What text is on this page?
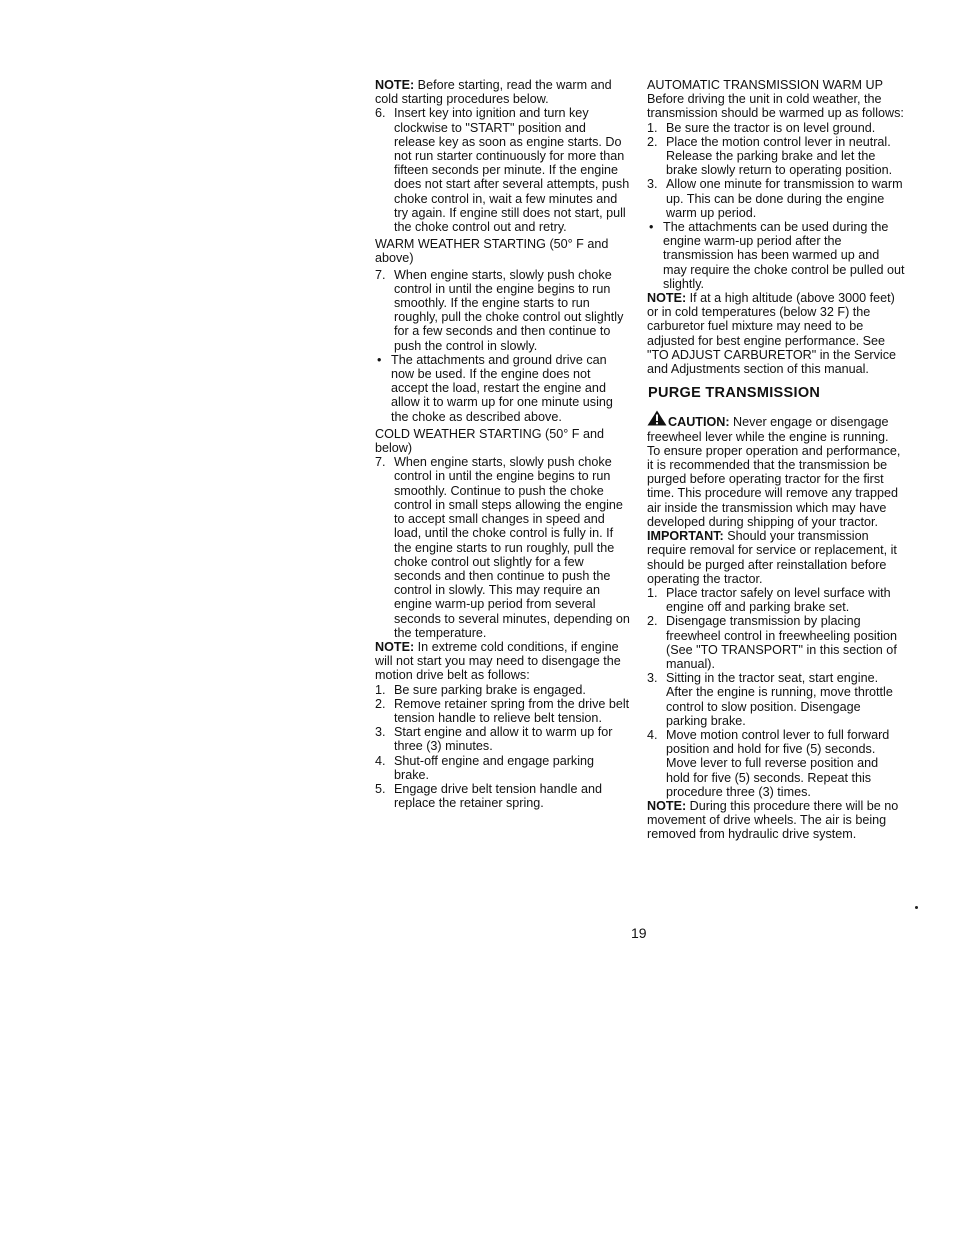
NOTE: Before starting, read the warm and cold starting procedures below.

6. Insert key into ignition and turn key clockwise to "START" position and release key as soon as engine starts. Do not run starter continuously for more than fifteen seconds per minute. If the engine does not start after several attempts, push choke control in, wait a few minutes and try again. If engine still does not start, pull the choke control out and retry.

WARM WEATHER STARTING (50° F and above)

7. When engine starts, slowly push choke control in until the engine begins to run smoothly. If the engine starts to run roughly, pull the choke control out slightly for a few seconds and then continue to push the control in slowly.
• The attachments and ground drive can now be used. If the engine does not accept the load, restart the engine and allow it to warm up for one minute using the choke as described above.

COLD WEATHER STARTING (50° F and below)

7. When engine starts, slowly push choke control in until the engine begins to run smoothly. Continue to push the choke control in small steps allowing the engine to accept small changes in speed and load, until the choke control is fully in. If the engine starts to run roughly, pull the choke control out slightly for a few seconds and then continue to push the control in slowly. This may require an engine warm-up period from several seconds to several minutes, depending on the temperature.

NOTE: In extreme cold conditions, if engine will not start you may need to disengage the motion drive belt as follows:

1. Be sure parking brake is engaged.
2. Remove retainer spring from the drive belt tension handle to relieve belt tension.
3. Start engine and allow it to warm up for three (3) minutes.
4. Shut-off engine and engage parking brake.
5. Engage drive belt tension handle and replace the retainer spring.

AUTOMATIC TRANSMISSION WARM UP

Before driving the unit in cold weather, the transmission should be warmed up as follows:

1. Be sure the tractor is on level ground.
2. Place the motion control lever in neutral. Release the parking brake and let the brake slowly return to operating position.
3. Allow one minute for transmission to warm up. This can be done during the engine warm up period.
• The attachments can be used during the engine warm-up period after the transmission has been warmed up and may require the choke control be pulled out slightly.

NOTE: If at a high altitude (above 3000 feet) or in cold temperatures (below 32 F) the carburetor fuel mixture may need to be adjusted for best engine performance. See "TO ADJUST CARBURETOR" in the Service and Adjustments section of this manual.

PURGE TRANSMISSION

CAUTION: Never engage or disengage freewheel lever while the engine is running.

To ensure proper operation and performance, it is recommended that the transmission be purged before operating tractor for the first time. This procedure will remove any trapped air inside the transmission which may have developed during shipping of your tractor.

IMPORTANT: Should your transmission require removal for service or replacement, it should be purged after reinstallation before operating the tractor.

1. Place tractor safely on level surface with engine off and parking brake set.
2. Disengage transmission by placing freewheel control in freewheeling position (See "TO TRANSPORT" in this section of manual).
3. Sitting in the tractor seat, start engine. After the engine is running, move throttle control to slow position. Disengage parking brake.
4. Move motion control lever to full forward position and hold for five (5) seconds. Move lever to full reverse position and hold for five (5) seconds. Repeat this procedure three (3) times.

NOTE: During this procedure there will be no movement of drive wheels. The air is being removed from hydraulic drive system.

19
